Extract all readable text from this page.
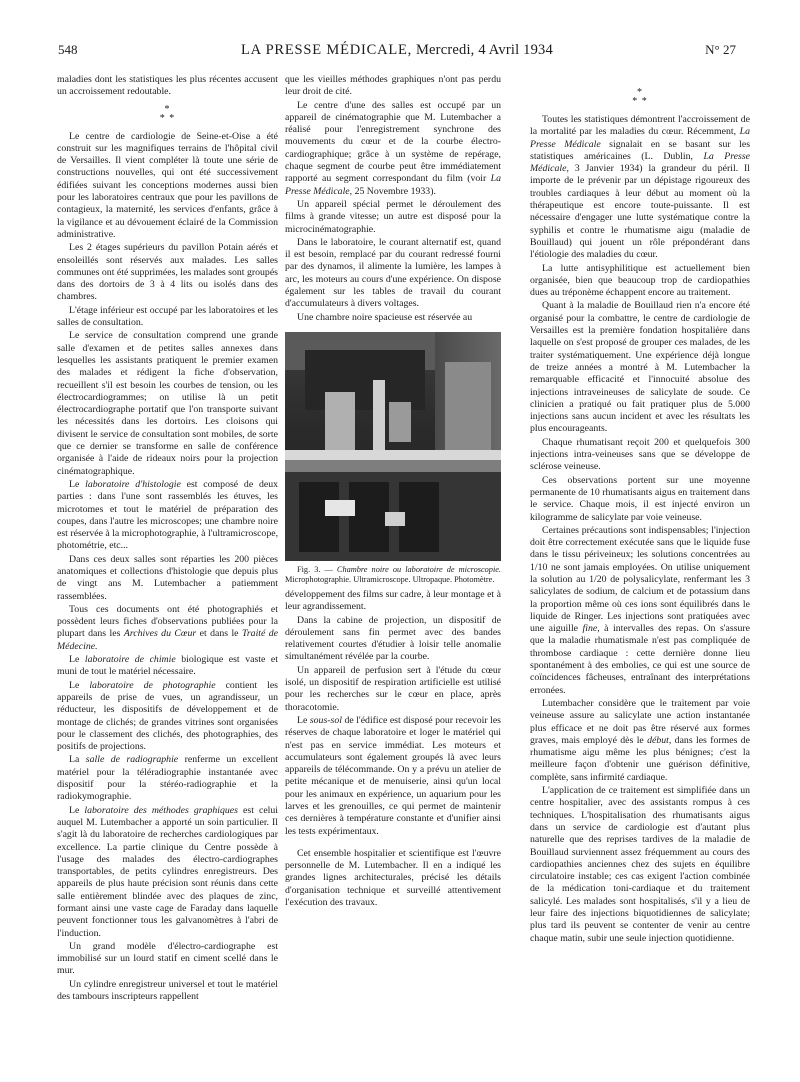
548	LA PRESSE MÉDICALE, Mercredi, 4 Avril 1934	N° 27

maladies dont les statistiques les plus récentes accusent un accroissement redoutable.

*
* *

Le centre de cardiologie de Seine-et-Oise a été construit sur les magnifiques terrains de l'hôpital civil de Versailles. Il vient compléter là toute une série de constructions nouvelles, qui ont été successivement édifiées suivant les conceptions modernes aussi bien pour les laboratoires centraux que pour les pavillons de contagieux, la maternité, les services d'enfants, grâce à la vigilance et au dévouement éclairé de la Commission administrative.

Les 2 étages supérieurs du pavillon Potain aérés et ensoleillés sont réservés aux malades. Les salles communes ont été supprimées, les malades sont groupés dans des dortoirs de 3 à 4 lits ou isolés dans des chambres.

L'étage inférieur est occupé par les laboratoires et les salles de consultation.

Le service de consultation comprend une grande salle d'examen et de petites salles annexes dans lesquelles les assistants pratiquent le premier examen des malades et rédigent la fiche d'observation, recueillent s'il est besoin les courbes de tension, ou les électrocardiogrammes; on utilise là un petit électrocardiographe portatif que l'on transporte suivant les nécessités dans les dortoirs. Les cloisons qui divisent le service de consultation sont mobiles, de sorte que ce dernier se transforme en salle de conférence organisée à l'aide de rideaux noirs pour la projection cinématographique.

Le laboratoire d'histologie est composé de deux parties : dans l'une sont rassemblés les étuves, les microtomes et tout le matériel de préparation des coupes, dans l'autre les microscopes; une chambre noire est réservée à la microphotographie, à l'ultramicroscope, photométrie, etc...

Dans ces deux salles sont réparties les 200 pièces anatomiques et collections d'histologie que depuis plus de vingt ans M. Lutembacher a patiemment rassemblées.

Tous ces documents ont été photographiés et possèdent leurs fiches d'observations publiées pour la plupart dans les Archives du Cœur et dans le Traité de Médecine.

Le laboratoire de chimie biologique est vaste et muni de tout le matériel nécessaire.

Le laboratoire de photographie contient les appareils de prise de vues, un agrandisseur, un réducteur, les dispositifs de développement et de montage de clichés; de grandes vitrines sont organisées pour le classement des clichés, des photographies, des positifs de projections.

La salle de radiographie renferme un excellent matériel pour la téléradiographie instantanée avec dispositif pour la stéréo-radiographie et la radiokymographie.

Le laboratoire des méthodes graphiques est celui auquel M. Lutembacher a apporté un soin particulier. Il s'agit là du laboratoire de recherches cardiologiques par excellence. La partie clinique du Centre possède à l'usage des malades des électro-cardiographes transportables, de petits cylindres enregistreurs. Des appareils de plus haute précision sont réunis dans cette salle entièrement blindée avec des plaques de zinc, formant ainsi une vaste cage de Faraday dans laquelle peuvent fonctionner tous les galvanomètres à l'abri de l'induction.

Un grand modèle d'électro-cardiographe est immobilisé sur un lourd statif en ciment scellé dans le mur.

Un cylindre enregistreur universel et tout le matériel des tambours inscripteurs rappellent

que les vieilles méthodes graphiques n'ont pas perdu leur droit de cité.

Le centre d'une des salles est occupé par un appareil de cinématographie que M. Lutembacher a réalisé pour l'enregistrement synchrone des mouvements du cœur et de la courbe électro-cardiographique; grâce à un système de repérage, chaque segment de courbe peut être immédiatement rapporté au segment correspondant du film (voir La Presse Médicale, 25 Novembre 1933).

Un appareil spécial permet le déroulement des films à grande vitesse; un autre est disposé pour la microcinématographie.

Dans le laboratoire, le courant alternatif est, quand il est besoin, remplacé par du courant redressé fourni par des dynamos, il alimente la lumière, les lampes à arc, les moteurs au cours d'une expérience. On dispose également sur les tables de travail du courant d'accumulateurs à divers voltages.

Une chambre noire spacieuse est réservée au

Fig. 3. — Chambre noire ou laboratoire de microscopie. Microphotographie. Ultramicroscope. Ultropaque. Photomètre.

développement des films sur cadre, à leur montage et à leur agrandissement.

Dans la cabine de projection, un dispositif de déroulement sans fin permet avec des bandes relativement courtes d'étudier à loisir telle anomalie simultanément révélée par la courbe.

Un appareil de perfusion sert à l'étude du cœur isolé, un dispositif de respiration artificielle est utilisé pour les recherches sur le cœur en place, après thoracotomie.

Le sous-sol de l'édifice est disposé pour recevoir les réserves de chaque laboratoire et loger le matériel qui n'est pas en service immédiat. Les moteurs et accumulateurs sont également groupés là avec leurs appareils de télécommande. On y a prévu un atelier de petite mécanique et de menuiserie, ainsi qu'un local pour les animaux en expérience, un aquarium pour les larves et les grenouilles, ce qui permet de maintenir ces dernières à température constante et d'unifier ainsi les tests expérimentaux.

Cet ensemble hospitalier et scientifique est l'œuvre personnelle de M. Lutembacher. Il en a indiqué les grandes lignes architecturales, précisé les détails d'organisation technique et surveillé attentivement l'exécution des travaux.

*
* *

Toutes les statistiques démontrent l'accroissement de la mortalité par les maladies du cœur. Récemment, La Presse Médicale signalait en se basant sur les statistiques américaines (L. Dublin, La Presse Médicale, 3 Janvier 1934) la grandeur du péril. Il importe de le prévenir par un dépistage rigoureux des troubles cardiaques à leur début au moment où la thérapeutique est encore toute-puissante. Il est nécessaire d'engager une lutte systématique contre la syphilis et contre le rhumatisme aigu (maladie de Bouillaud) qui jouent un rôle prépondérant dans l'étiologie des maladies du cœur.

La lutte antisyphilitique est actuellement bien organisée, bien que beaucoup trop de cardiopathies dues au tréponème échappent encore au traitement.

Quant à la maladie de Bouillaud rien n'a encore été organisé pour la combattre, le centre de cardiologie de Versailles est la première fondation hospitalière dans laquelle on s'est proposé de grouper ces malades, de les traiter systématiquement. Une expérience déjà longue de treize années a montré à M. Lutembacher la remarquable efficacité et l'innocuité absolue des injections intraveineuses de salicylate de soude. Ce clinicien a pratiqué ou fait pratiquer plus de 5.000 injections sans aucun incident et avec les résultats les plus encourageants.

Chaque rhumatisant reçoit 200 et quelquefois 300 injections intra-veineuses sans que se développe de sclérose veineuse.

Ces observations portent sur une moyenne permanente de 10 rhumatisants aigus en traitement dans le service. Chaque mois, il est injecté environ un kilogramme de salicylate par voie veineuse.

Certaines précautions sont indispensables; l'injection doit être correctement exécutée sans que le liquide fuse dans le tissu périveineux; les solutions concentrées au 1/10 ne sont jamais employées. On utilise uniquement la solution au 1/20 de polysalicylate, renfermant les 3 salicylates de sodium, de calcium et de potassium dans la proportion même où ces ions sont équilibrés dans le liquide de Ringer. Les injections sont pratiquées avec une aiguille fine, à intervalles des repas. On s'assure que la maladie rhumatismale n'est pas compliquée de thrombose cardiaque : cette dernière donne lieu spontanément à des embolies, ce qui est une source de coïncidences fâcheuses, entraînant des interprétations erronées.

Lutembacher considère que le traitement par voie veineuse assure au salicylate une action instantanée plus efficace et ne doit pas être réservé aux formes graves, mais employé dès le début, dans les formes de rhumatisme aigu même les plus bénignes; c'est la meilleure façon d'obtenir une guérison définitive, complète, sans infirmité cardiaque.

L'application de ce traitement est simplifiée dans un centre hospitalier, avec des assistants rompus à ces techniques. L'hospitalisation des rhumatisants aigus dans un service de cardiologie est d'autant plus naturelle que des reprises tardives de la maladie de Bouillaud surviennent assez fréquemment au cours des cardiopathies anciennes chez des sujets en équilibre circulatoire instable; ces cas exigent l'action combinée de la médication toni-cardiaque et du traitement salicylé. Les malades sont hospitalisés, s'il y a lieu de leur faire des injections biquotidiennes de salicylate; plus tard ils peuvent se contenter de venir au centre chaque matin, subir une seule injection quotidienne.
